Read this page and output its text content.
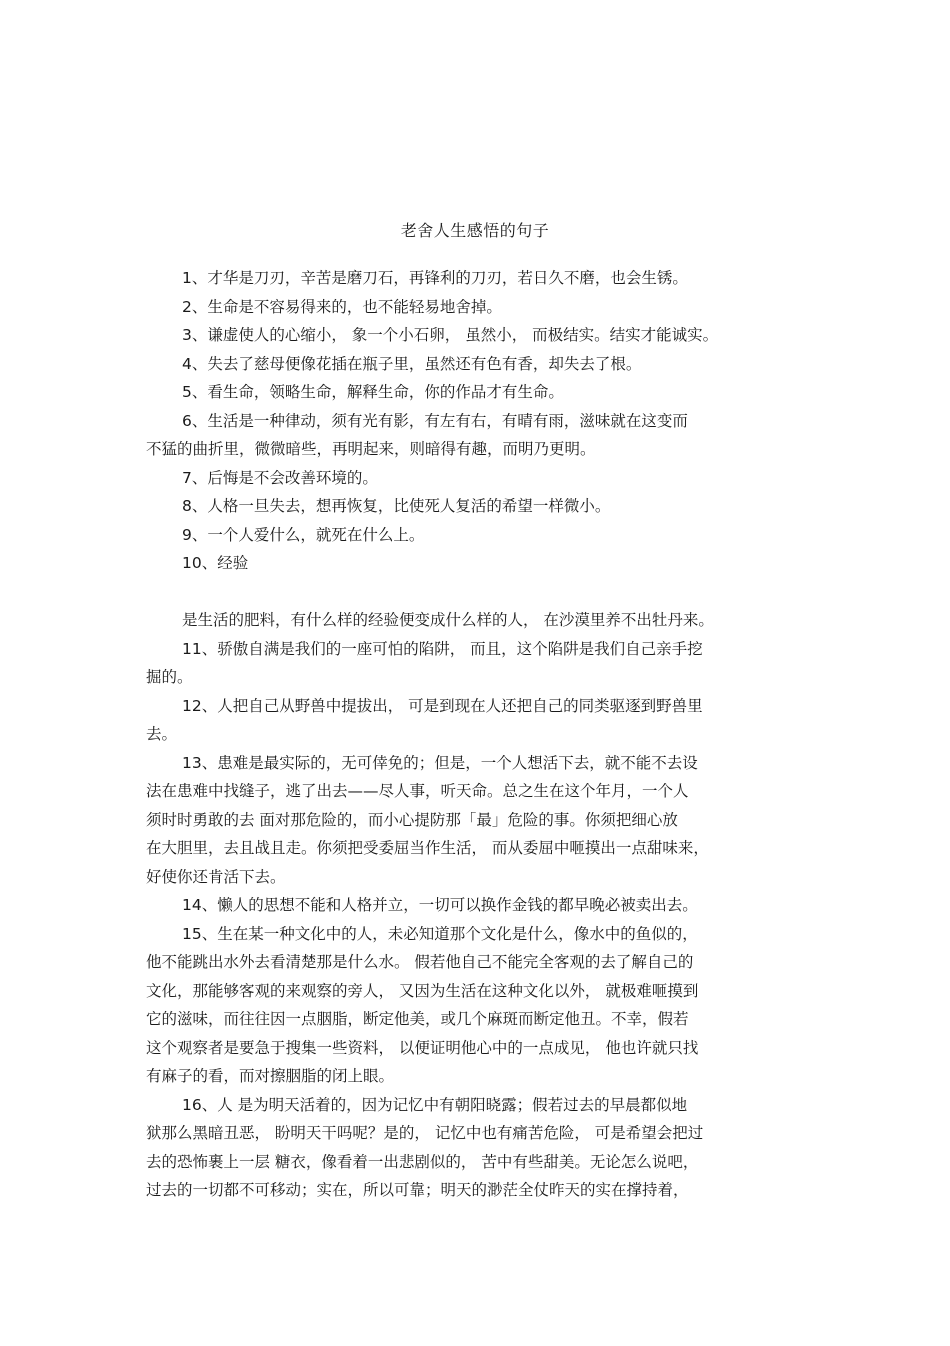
老舍人生感悟的句子

1、才华是刀刃，辛苦是磨刀石，再锋利的刀刃，若日久不磨，也会生锈。

2、生命是不容易得来的，也不能轻易地舍掉。

3、谦虚使人的心缩小， 象一个小石卵， 虽然小， 而极结实。结实才能诚实。

4、失去了慈母便像花插在瓶子里，虽然还有色有香，却失去了根。

5、看生命，领略生命，解释生命，你的作品才有生命。

6、生活是一种律动，须有光有影，有左有右，有晴有雨，滋味就在这变而

不猛的曲折里，微微暗些，再明起来，则暗得有趣，而明乃更明。

7、后悔是不会改善环境的。

8、人格一旦失去，想再恢复，比使死人复活的希望一样微小。

9、一个人爱什么，就死在什么上。

10、经验

是生活的肥料，有什么样的经验便变成什么样的人， 在沙漠里养不出牡丹来。

11、骄傲自满是我们的一座可怕的陷阱， 而且，这个陷阱是我们自己亲手挖

掘的。

12、人把自己从野兽中提拔出， 可是到现在人还把自己的同类驱逐到野兽里

去。

13、患难是最实际的，无可倖免的；但是，一个人想活下去，就不能不去设

法在患难中找缝子，逃了出去——尽人事，听天命。总之生在这个年月，一个人

须时时勇敢的去 面对那危险的，而小心提防那「最」危险的事。你须把细心放

在大胆里，去且战且走。你须把受委屈当作生活， 而从委屈中咂摸出一点甜味来，

好使你还肯活下去。

14、懒人的思想不能和人格并立，一切可以换作金钱的都早晚必被卖出去。

15、生在某一种文化中的人，未必知道那个文化是什么，像水中的鱼似的，

他不能跳出水外去看清楚那是什么水。 假若他自己不能完全客观的去了解自己的

文化，那能够客观的来观察的旁人， 又因为生活在这种文化以外， 就极难咂摸到

它的滋味，而往往因一点胭脂，断定他美，或几个麻斑而断定他丑。不幸，假若

这个观察者是要急于搜集一些资料， 以便证明他心中的一点成见， 他也许就只找

有麻子的看，而对擦胭脂的闭上眼。

16、人 是为明天活着的，因为记忆中有朝阳晓露；假若过去的早晨都似地

狱那么黑暗丑恶， 盼明天干吗呢？是的， 记忆中也有痛苦危险， 可是希望会把过

去的恐怖裹上一层 糖衣，像看着一出悲剧似的， 苦中有些甜美。无论怎么说吧，

过去的一切都不可移动；实在，所以可靠；明天的渺茫全仗昨天的实在撑持着，
